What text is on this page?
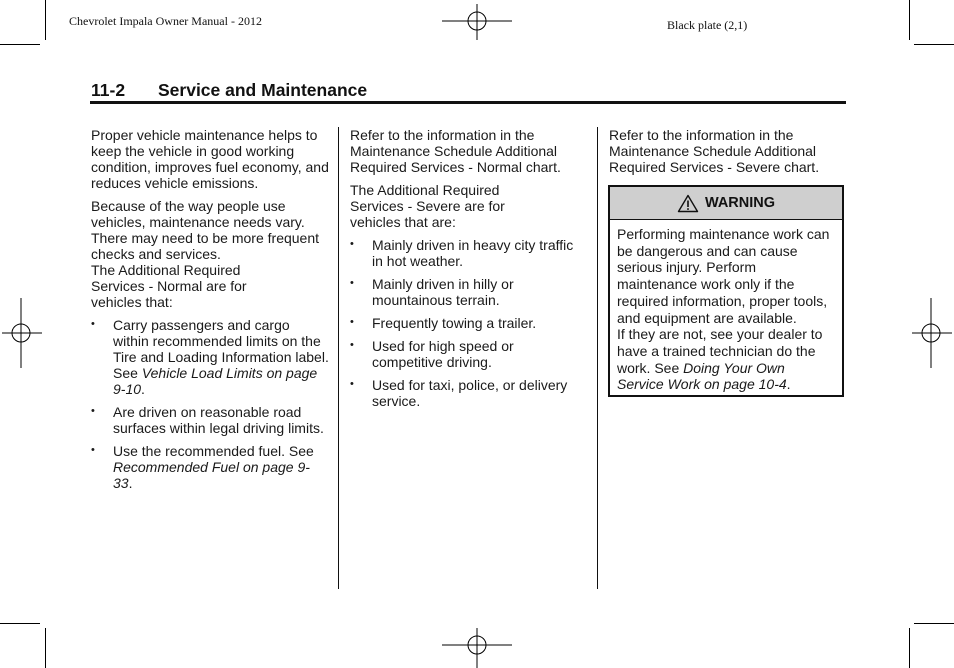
Chevrolet Impala Owner Manual - 2012	Black plate (2,1)
11-2 Service and Maintenance

Proper vehicle maintenance helps to keep the vehicle in good working condition, improves fuel economy, and reduces vehicle emissions.

Because of the way people use vehicles, maintenance needs vary. There may need to be more frequent checks and services.

The Additional Required Services - Normal are for vehicles that:

• Carry passengers and cargo within recommended limits on the Tire and Loading Information label. See Vehicle Load Limits on page 9-10.
• Are driven on reasonable road surfaces within legal driving limits.
• Use the recommended fuel. See Recommended Fuel on page 9-33.

Refer to the information in the Maintenance Schedule Additional Required Services - Normal chart.

The Additional Required Services - Severe are for vehicles that are:

• Mainly driven in heavy city traffic in hot weather.
• Mainly driven in hilly or mountainous terrain.
• Frequently towing a trailer.
• Used for high speed or competitive driving.
• Used for taxi, police, or delivery service.

Refer to the information in the Maintenance Schedule Additional Required Services - Severe chart.

WARNING
Performing maintenance work can be dangerous and can cause serious injury. Perform maintenance work only if the required information, proper tools, and equipment are available.
If they are not, see your dealer to have a trained technician do the work. See Doing Your Own Service Work on page 10-4.
